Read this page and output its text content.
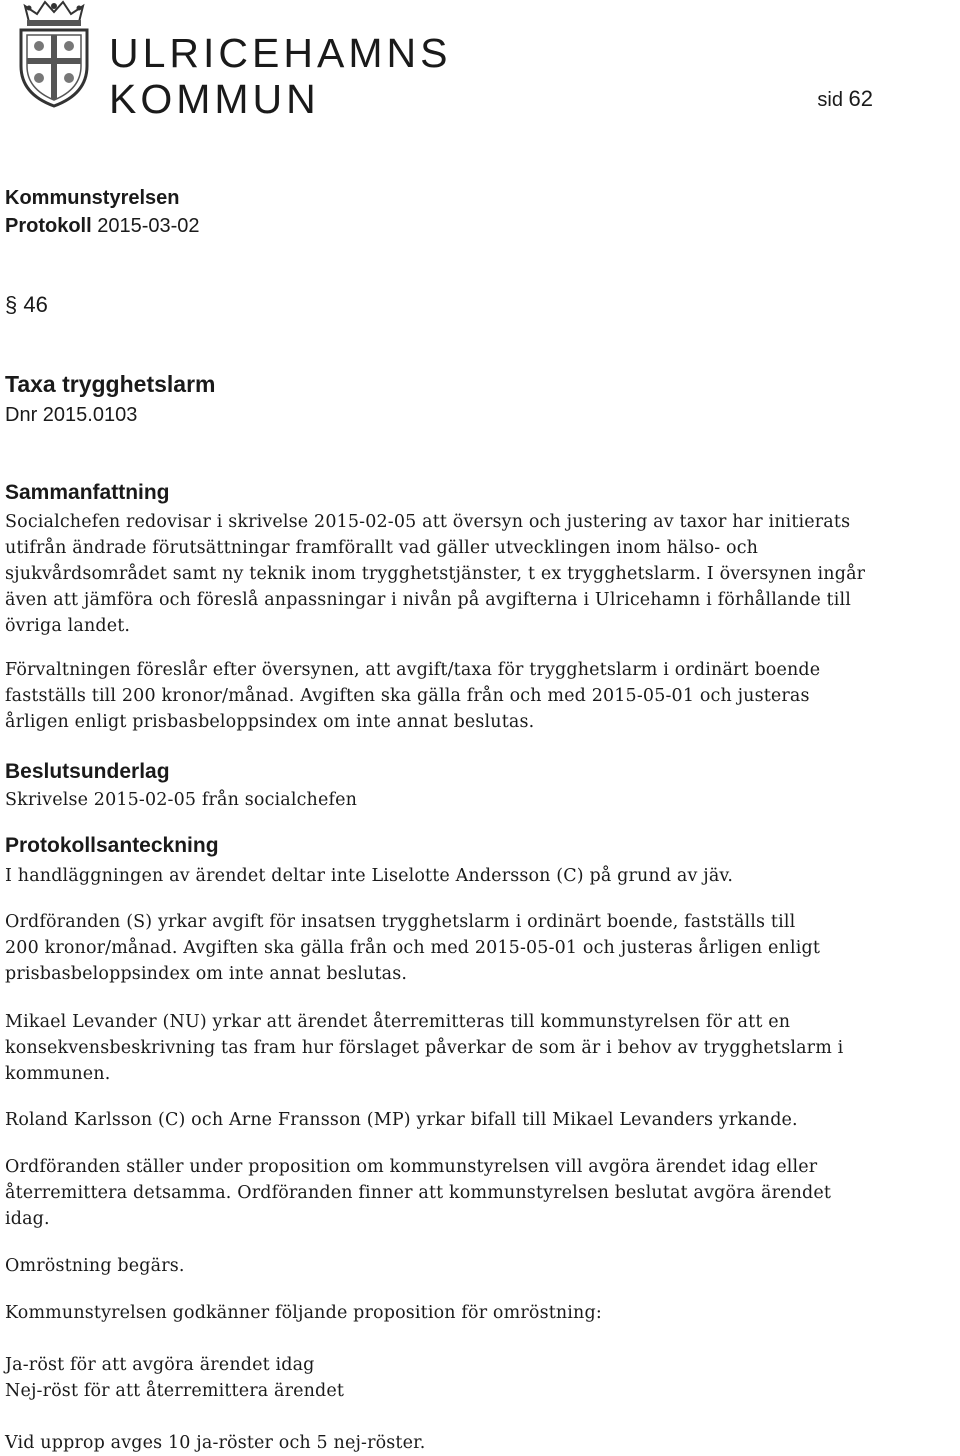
ULRICEHAMNS
KOMMUN	sid 62
Kommunstyrelsen
Protokoll 2015-03-02
§ 46
Taxa trygghetslarm
Dnr 2015.0103
Sammanfattning
Socialchefen redovisar i skrivelse 2015-02-05 att översyn och justering av taxor har initierats
utifrån ändrade förutsättningar framförallt vad gäller utvecklingen inom hälso- och
sjukvårdsområdet samt ny teknik inom trygghetstjänster, t ex trygghetslarm. I översynen ingår
även att jämföra och föreslå anpassningar i nivån på avgifterna i Ulricehamn i förhållande till
övriga landet.
Förvaltningen föreslår efter översynen, att avgift/taxa för trygghetslarm i ordinärt boende
fastställs till 200 kronor/månad. Avgiften ska gälla från och med 2015-05-01 och justeras
årligen enligt prisbasbeloppsindex om inte annat beslutas.
Beslutsunderlag
Skrivelse 2015-02-05 från socialchefen
Protokollsanteckning
I handläggningen av ärendet deltar inte Liselotte Andersson (C) på grund av jäv.
Ordföranden (S) yrkar avgift för insatsen trygghetslarm i ordinärt boende, fastställs till
200 kronor/månad. Avgiften ska gälla från och med 2015-05-01 och justeras årligen enligt
prisbasbeloppsindex om inte annat beslutas.
Mikael Levander (NU) yrkar att ärendet återremitteras till kommunstyrelsen för att en
konsekvensbeskrivning tas fram hur förslaget påverkar de som är i behov av trygghetslarm i
kommunen.
Roland Karlsson (C) och Arne Fransson (MP) yrkar bifall till Mikael Levanders yrkande.
Ordföranden ställer under proposition om kommunstyrelsen vill avgöra ärendet idag eller
återremittera detsamma. Ordföranden finner att kommunstyrelsen beslutat avgöra ärendet
idag.
Omröstning begärs.
Kommunstyrelsen godkänner följande proposition för omröstning:
Ja-röst för att avgöra ärendet idag
Nej-röst för att återremittera ärendet
Vid upprop avges 10 ja-röster och 5 nej-röster.
